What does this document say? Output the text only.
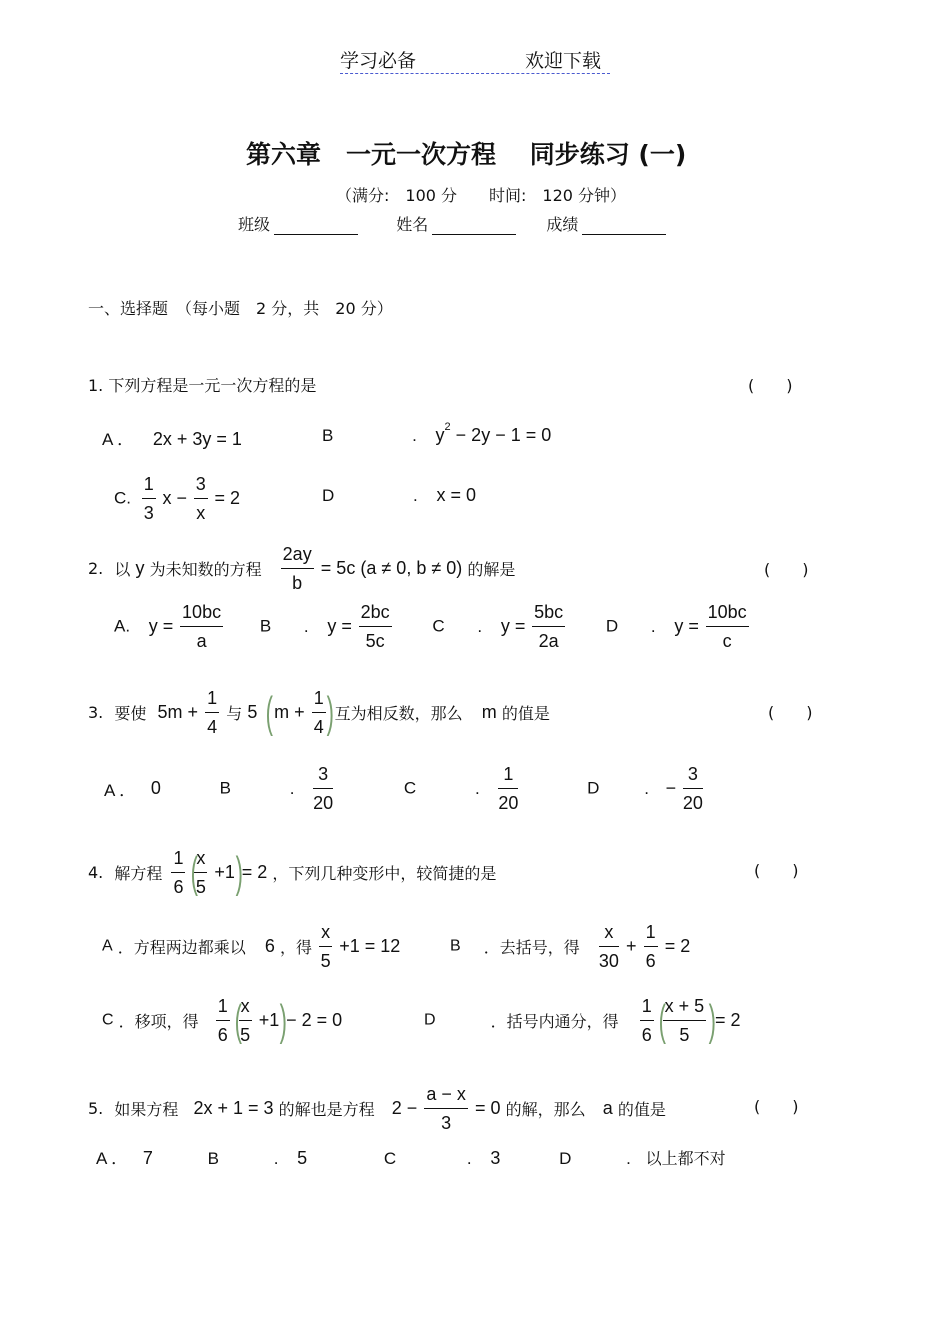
学习必备	欢迎下载
第六章　一元一次方程　 同步练习 (一)
（满分:　100 分　　时间:　120 分钟）
班级	姓名	成绩
一、选择题　（每小题　2 分，共　20 分）
1. 下列方程是一元一次方程的是	(　　)
A ． 2x + 3y = 1	B	. $y^2 - 2y - 1 = 0$
C. $\frac{1}{3}$ $x - \frac{3}{x} = 2$	D	. x = 0
2. 以 y 为未知数的方程 $\frac{2ay}{b} = 5c$ (a ≠ 0, b ≠ 0) 的解是	(　　)
A. $y = \frac{10bc}{a}$ B . $y = \frac{2bc}{5c}$ C . $y = \frac{5bc}{2a}$ D . $y = \frac{10bc}{c}$
3. 要使 $5m + \frac{1}{4}$ 与 5 ( $m + \frac{1}{4}$ ) 互为相反数，那么 m 的值是	(　　)
A ． 0	B	. $\frac{3}{20}$	C	. $\frac{1}{20}$	D	. − $\frac{3}{20}$
4. 解方程 $\frac{1}{6}$ (
$\frac{x}{5} +1$ ) = 2 ，下列几种变形中，较简捷的是	(　　)
A ．方程两边都乘以 6 ，得 $\frac{x}{5} +1 = 12$	B ．去括号，得 $\frac{x}{30} + \frac{1}{6} = 2$
C ．移项，得 $\frac{1}{6}$ (
$\frac{x}{5} +1$ ) − 2 = 0	D	．括号内通分，得 $\frac{1}{6}$ (
$\frac{x + 5}{5}$ ) = 2
5. 如果方程 2x + 1 = 3 的解也是方程 $2 - \frac{a - x}{3} = 0$ 的解，那么 a 的值是	(　　)
A ． 7	B	. 5	C	. 3	D	. 以上都不对
